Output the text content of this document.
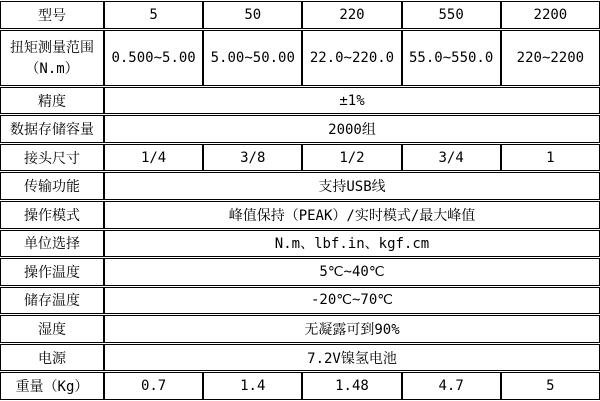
型号	5	50	220	550	2200

扭矩测量范围
（N.m）	0.500~5.00	5.00~50.00	22.0~220.0	55.0~550.0	220~2200
精度	±1%				
数据存储容量	2000组				
接头尺寸	1/4	3/8	1/2	3/4	1
传输功能	支持USB线				
操作模式	峰值保持（PEAK）/实时模式/最大峰值				
单位选择	N.m、lbf.in、kgf.cm				
操作温度	5℃~40℃				
储存温度	-20℃~70℃				
湿度	无凝露可到90%				
电源	7.2V镍氢电池				
重量（Kg）	0.7	1.4	1.48	4.7	5
